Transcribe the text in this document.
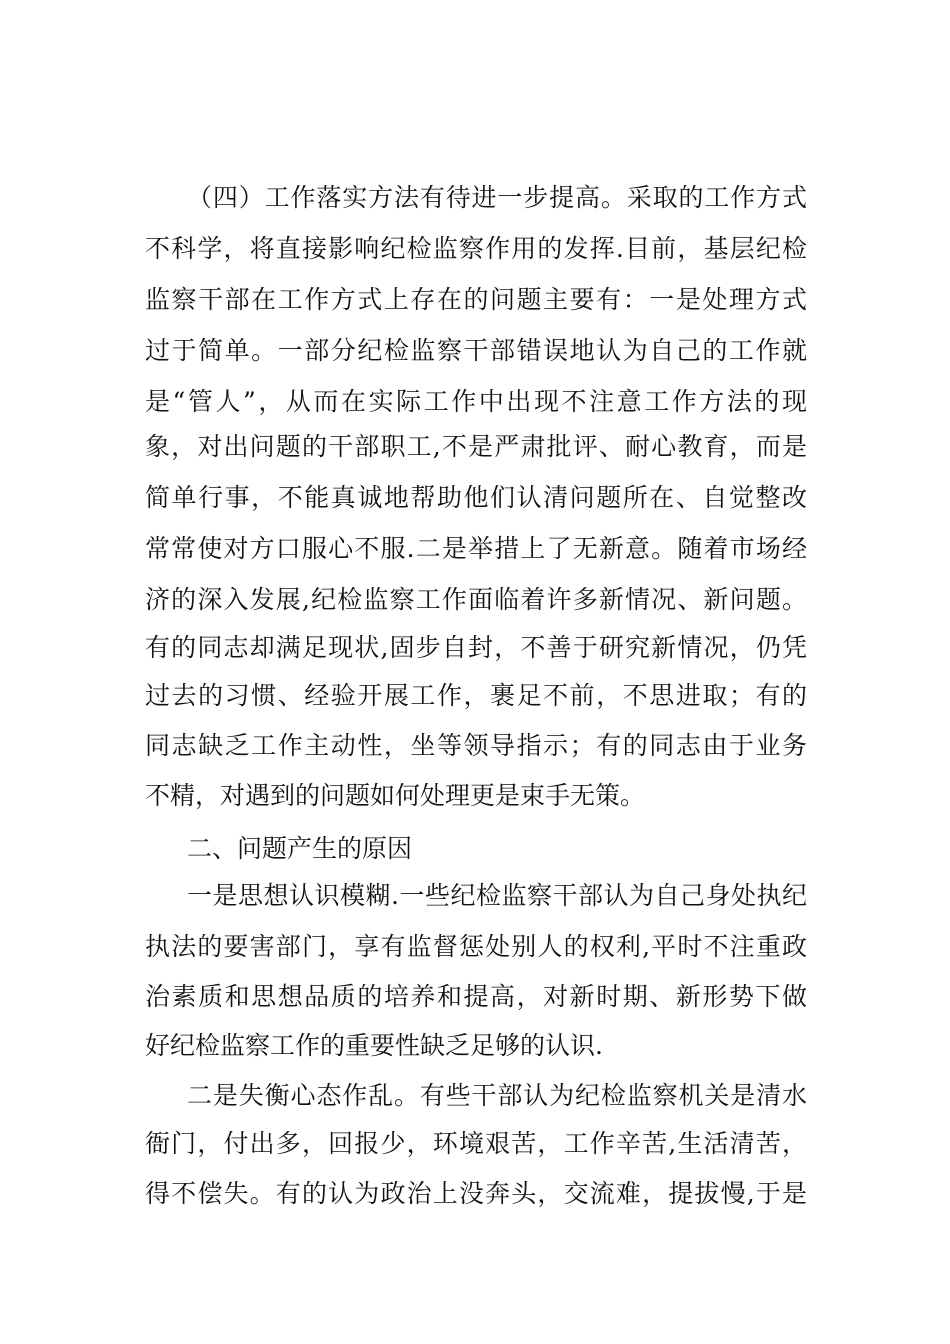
（四）工作落实方法有待进一步提高。采取的工作方式
不科学，将直接影响纪检监察作用的发挥.目前，基层纪检
监察干部在工作方式上存在的问题主要有：一是处理方式
过于简单。一部分纪检监察干部错误地认为自己的工作就
是“管人”，从而在实际工作中出现不注意工作方法的现
象，对出问题的干部职工,不是严肃批评、耐心教育，而是
简单行事，不能真诚地帮助他们认清问题所在、自觉整改
常常使对方口服心不服.二是举措上了无新意。随着市场经
济的深入发展,纪检监察工作面临着许多新情况、新问题。
有的同志却满足现状,固步自封，不善于研究新情况，仍凭
过去的习惯、经验开展工作，裹足不前，不思进取；有的
同志缺乏工作主动性，坐等领导指示；有的同志由于业务
不精，对遇到的问题如何处理更是束手无策。
二、问题产生的原因
一是思想认识模糊.一些纪检监察干部认为自己身处执纪
执法的要害部门，享有监督惩处别人的权利,平时不注重政
治素质和思想品质的培养和提高，对新时期、新形势下做
好纪检监察工作的重要性缺乏足够的认识.
二是失衡心态作乱。有些干部认为纪检监察机关是清水
衙门，付出多，回报少，环境艰苦，工作辛苦,生活清苦，
得不偿失。有的认为政治上没奔头，交流难，提拔慢,于是
